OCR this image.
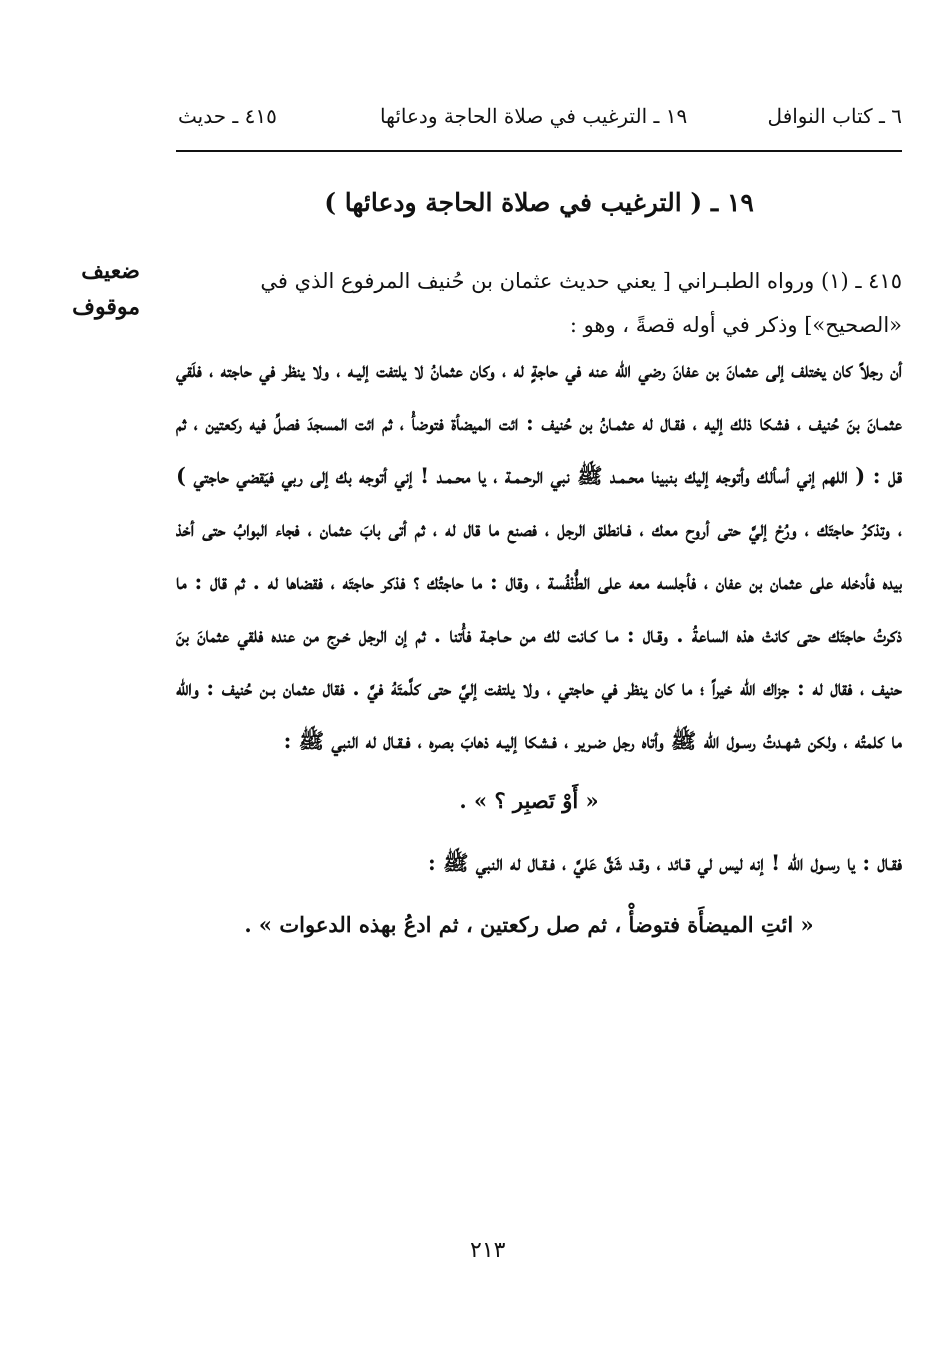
٦ ـ كتاب النوافل
١٩ ـ الترغيب في صلاة الحاجة ودعائها
٤١٥ ـ حديث
١٩ ـ ( الترغيب في صلاة الحاجة ودعائها )
ضعيف
موقوف

٤١٥ ـ (١) ورواه الطبـراني [ يعني حديث عثمان بن حُنيف المرفوع الذي في

«الصحيح»] وذكر في أوله قصةً ، وهو :

أن رجلاً كان يختلف إلى عثمانَ بن عفانَ رضي الله عنه في حاجةٍ له ، وكان عثمانُ لا يلتفت إليـه ، ولا ينظر في حاجته ، فلَقي عثمـانَ بنَ حُنيف ، فشكا ذلك إليه ، فقـال له عثمـانُ بن حُنيف : ائت الميضأة فتوضأْ ، ثم ائت المسجدَ فصلِّ فيه ركعتين ، ثم قل : ( اللهم إني أسألك وأتوجه إليك بنبينا محـمـد ﷺ نبي الرحـمـة ، يا محـمـد ! إني أتوجه بك إلى ربي فيَقضي حاجتي ) ، وتذكرُ حاجتَك ، ورُحْ إليَّ حتى أروح معك ، فـانطلق الرجل ، فصنع ما قال له ، ثم أتى بابَ عثمان ، فجاء البوابُ حتى أخذ بيده فأدخله على عثمان بن عفان ، فأجلسه معه على الطُّنْفُسة ، وقال : ما حاجتُك ؟ فذكر حاجتَه ، فقضاها له . ثم قال : ما ذكرتُ حاجتَك حتى كانتْ هذه الساعةُ . وقـال : مـا كـانت لك من حـاجـة فأْتنا . ثم إن الرجل خـرج من عنده فلقي عثمانَ بنَ حنيف ، فقال له : جزاك الله خيراً ؛ ما كان ينظر في حاجتي ، ولا يلتفت إليَّ حتى كلَّمتَهُ فيَّ . فقال عثمان بـن حُنيف : والله ما كلمتُه ، ولكن شهـدتُ رسـول الله ﷺ وأتاه رجل ضـرير ، فـشكا إليـه ذهابَ بصره ، فـقـال له النبي ﷺ :

« أَوْ تَصبِر ؟ » .

فقـال : يا رسـول الله ! إنه ليس لي قـائد ، وقـد شَقَّ عَليَّ ، فـقـال له النبي ﷺ :

« ائتِ الميضأَة فتوضأْ ، ثم صل ركعتين ، ثم ادعُ بهذه الدعوات » .

٢١٣
